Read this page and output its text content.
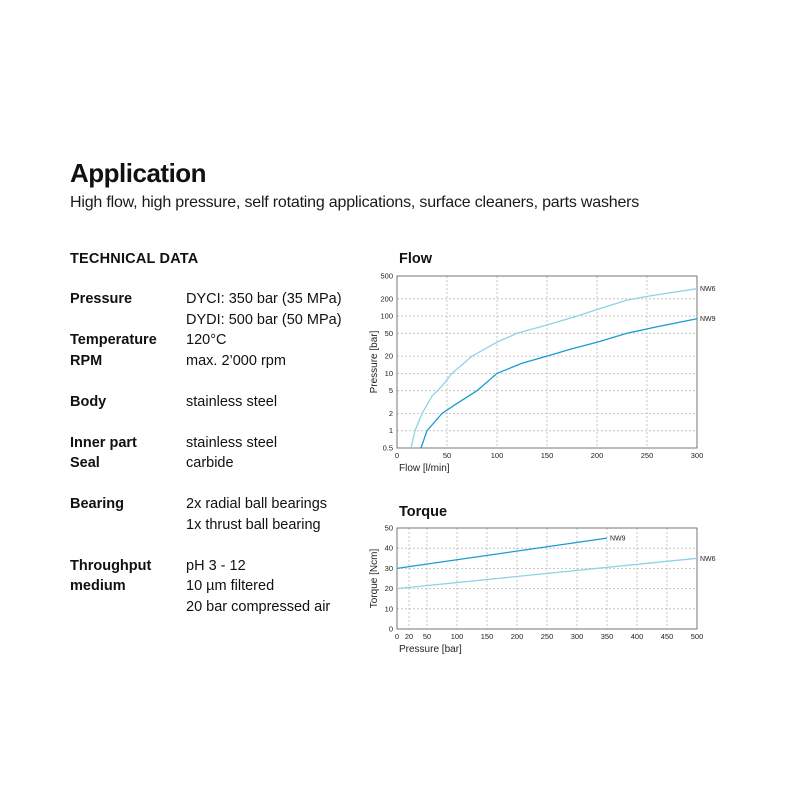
Application
High flow, high pressure, self rotating applications, surface cleaners, parts washers
TECHNICAL DATA
Pressure	DYCI: 350 bar (35 MPa)
DYDI: 500 bar (50 MPa)
Temperature	120°C
RPM	max. 2’000 rpm
Body	stainless steel
Inner part	stainless steel
Seal	carbide
Bearing	2x radial ball bearings
1x thrust ball bearing
Throughput	pH 3 - 12
medium	10 µm filtered
20 bar compressed air
Flow
0	50	100	150	200	250	300
0.5
1
2
5
10
20
50
100
200
500
Flow [l/min]
Pressure [bar]
NW6
NW9
Torque
0 20 50	100 150 200 250 300 350 400 450 500
0
10
20
30
40
50
Pressure [bar]
Torque [Ncm]
NW9
NW6
